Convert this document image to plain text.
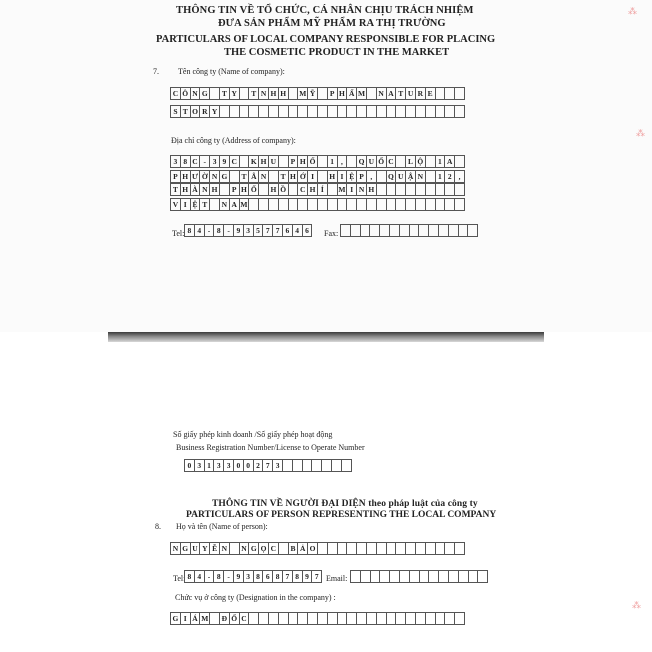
⁂
⁂
⁂
THÔNG TIN VỀ TỔ CHỨC, CÁ NHÂN CHỊU TRÁCH NHIỆM
ĐƯA SẢN PHẨM MỸ PHẨM RA THỊ TRƯỜNG
PARTICULARS OF LOCAL COMPANY RESPONSIBLE FOR PLACING
THE COSMETIC PRODUCT IN THE MARKET
7. Tên công ty (Name of company):
C Ô N G	T Y	T N H H	M Ỹ	P H Ẩ M	N A T U R E
S T O R Y
Địa chỉ công ty (Address of company):
3 8 C - 3 9 C	K H U	P H Ố	1 ,	Q U Ố C	L Ộ	1 A
P H Ư Ờ N G	T Â N	T H Ớ I	H I Ệ P ,	Q U Ậ N	1 2 ,
T H À N H	P H Ố	H Ồ	C H Í	M I N H
V I Ệ T	N A M
Tel: 8 4 - 8 - 9 3 5 7 7 6 4 6	Fax:
Số giấy phép kinh doanh /Số giấy phép hoạt động
Business Registration Number/License to Operate Number
0 3 1 3 3 0 0 2 7 3
THÔNG TIN VỀ NGƯỜI ĐẠI DIỆN theo pháp luật của công ty
PARTICULARS OF PERSON REPRESENTING THE LOCAL COMPANY
8. Họ và tên (Name of person):
N G U Y Ễ N	N G Ọ C	B Ả O
Tel: 8 4 - 8 - 9 3 8 6 8 7 8 9 7 Email:
Chức vụ ở công ty (Designation in the company) :
G I Á M	Đ Ố C
